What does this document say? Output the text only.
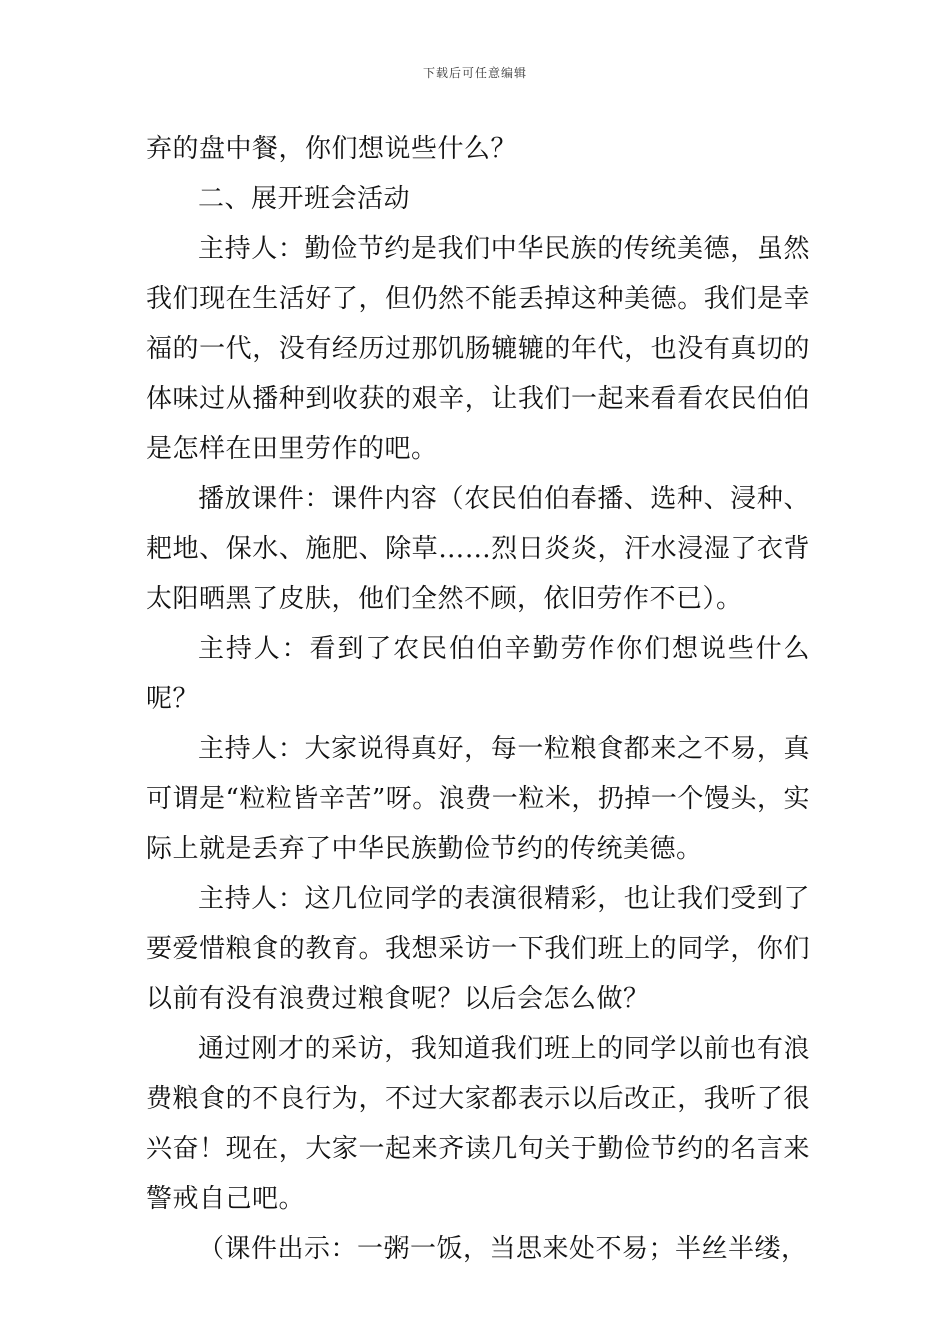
下载后可任意编辑

弃的盘中餐，你们想说些什么？

二、展开班会活动

主持人：勤俭节约是我们中华民族的传统美德，虽然我们现在生活好了，但仍然不能丢掉这种美德。我们是幸福的一代，没有经历过那饥肠辘辘的年代，也没有真切的体味过从播种到收获的艰辛，让我们一起来看看农民伯伯是怎样在田里劳作的吧。

播放课件：课件内容（农民伯伯春播、选种、浸种、耙地、保水、施肥、除草……烈日炎炎，汗水浸湿了衣背太阳晒黑了皮肤，他们全然不顾，依旧劳作不已）。

主持人：看到了农民伯伯辛勤劳作你们想说些什么呢？

主持人：大家说得真好，每一粒粮食都来之不易，真可谓是“粒粒皆辛苦”呀。浪费一粒米，扔掉一个馒头，实际上就是丢弃了中华民族勤俭节约的传统美德。

主持人：这几位同学的表演很精彩，也让我们受到了要爱惜粮食的教育。我想采访一下我们班上的同学，你们以前有没有浪费过粮食呢？以后会怎么做？

通过刚才的采访，我知道我们班上的同学以前也有浪费粮食的不良行为，不过大家都表示以后改正，我听了很兴奋！现在，大家一起来齐读几句关于勤俭节约的名言来警戒自己吧。

（课件出示：一粥一饭，当思来处不易；半丝半缕，
